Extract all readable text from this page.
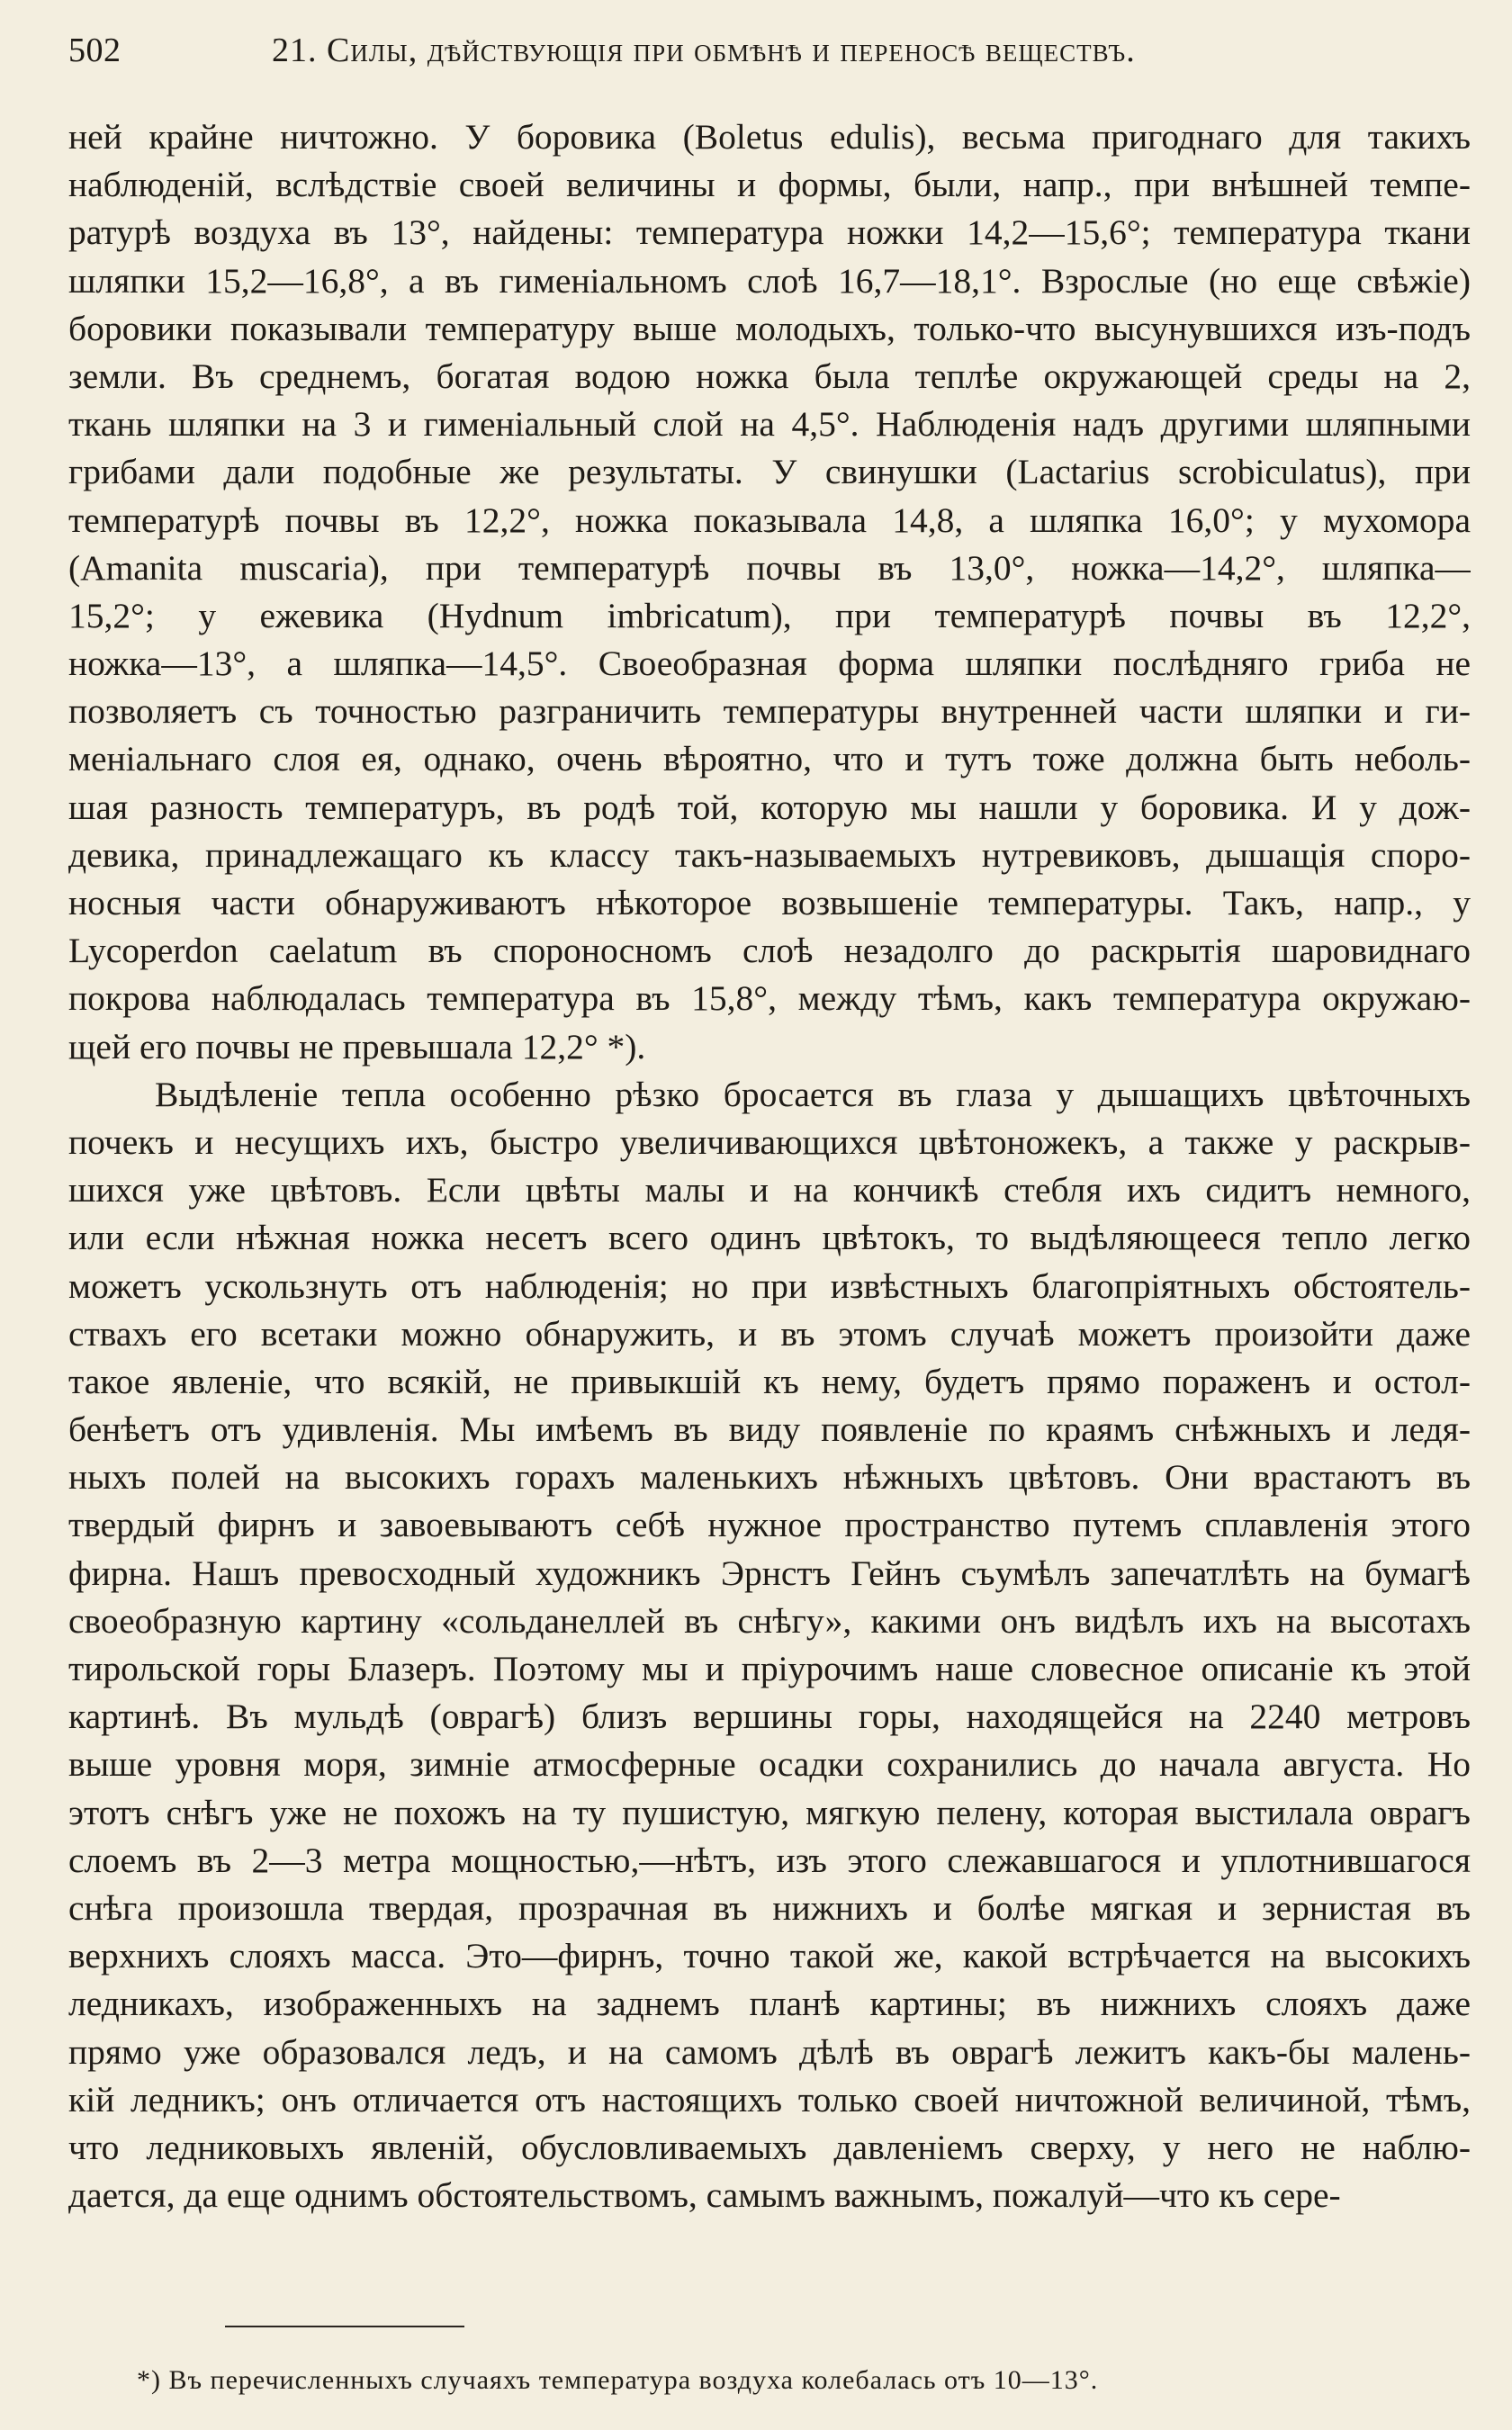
502	21. Силы, дѣйствующія при обмѣнѣ и переносѣ веществъ.

ней крайне ничтожно. У боровика (Boletus edulis), весьма пригоднаго для такихъ
наблюденій, вслѣдствіе своей величины и формы, были, напр., при внѣшней темпе-
ратурѣ воздуха въ 13°, найдены: температура ножки 14,2—15,6°; температура ткани
шляпки 15,2—16,8°, а въ гименіальномъ слоѣ 16,7—18,1°. Взрослые (но еще свѣжіе)
боровики показывали температуру выше молодыхъ, только-что высунувшихся изъ-подъ
земли. Въ среднемъ, богатая водою ножка была теплѣе окружающей среды на 2,
ткань шляпки на 3 и гименіальный слой на 4,5°. Наблюденія надъ другими шляпными
грибами дали подобные же результаты. У свинушки (Lactarius scrobiculatus), при
температурѣ почвы въ 12,2°, ножка показывала 14,8, а шляпка 16,0°; у мухомора
(Amanita muscaria), при температурѣ почвы въ 13,0°, ножка—14,2°, шляпка—
15,2°; у ежевика (Hydnum imbricatum), при температурѣ почвы въ 12,2°,
ножка—13°, а шляпка—14,5°. Своеобразная форма шляпки послѣдняго гриба не
позволяетъ съ точностью разграничить температуры внутренней части шляпки и ги-
меніальнаго слоя ея, однако, очень вѣроятно, что и тутъ тоже должна быть неболь-
шая разность температуръ, въ родѣ той, которую мы нашли у боровика. И у дож-
девика, принадлежащаго къ классу такъ-называемыхъ нутревиковъ, дышащія споро-
носныя части обнаруживаютъ нѣкоторое возвышеніе температуры. Такъ, напр., у
Lycoperdon caelatum въ спороносномъ слоѣ незадолго до раскрытія шаровиднаго
покрова наблюдалась температура въ 15,8°, между тѣмъ, какъ температура окружаю-
щей его почвы не превышала 12,2° *).

Выдѣленіе тепла особенно рѣзко бросается въ глаза у дышащихъ цвѣточныхъ
почекъ и несущихъ ихъ, быстро увеличивающихся цвѣтоножекъ, а также у раскрыв-
шихся уже цвѣтовъ. Если цвѣты малы и на кончикѣ стебля ихъ сидитъ немного,
или если нѣжная ножка несетъ всего одинъ цвѣтокъ, то выдѣляющееся тепло легко
можетъ ускользнуть отъ наблюденія; но при извѣстныхъ благопріятныхъ обстоятель-
ствахъ его всетаки можно обнаружить, и въ этомъ случаѣ можетъ произойти даже
такое явленіе, что всякій, не привыкшій къ нему, будетъ прямо пораженъ и остол-
бенѣетъ отъ удивленія. Мы имѣемъ въ виду появленіе по краямъ снѣжныхъ и ледя-
ныхъ полей на высокихъ горахъ маленькихъ нѣжныхъ цвѣтовъ. Они врастаютъ въ
твердый фирнъ и завоевываютъ себѣ нужное пространство путемъ сплавленія этого
фирна. Нашъ превосходный художникъ Эрнстъ Гейнъ съумѣлъ запечатлѣть на бумагѣ
своеобразную картину «сольданеллей въ снѣгу», какими онъ видѣлъ ихъ на высотахъ
тирольской горы Блазеръ. Поэтому мы и пріурочимъ наше словесное описаніе къ этой
картинѣ. Въ мульдѣ (оврагѣ) близъ вершины горы, находящейся на 2240 метровъ
выше уровня моря, зимніе атмосферные осадки сохранились до начала августа. Но
этотъ снѣгъ уже не похожъ на ту пушистую, мягкую пелену, которая выстилала оврагъ
слоемъ въ 2—3 метра мощностью,—нѣтъ, изъ этого слежавшагося и уплотнившагося
снѣга произошла твердая, прозрачная въ нижнихъ и болѣе мягкая и зернистая въ
верхнихъ слояхъ масса. Это—фирнъ, точно такой же, какой встрѣчается на высокихъ
ледникахъ, изображенныхъ на заднемъ планѣ картины; въ нижнихъ слояхъ даже
прямо уже образовался ледъ, и на самомъ дѣлѣ въ оврагѣ лежитъ какъ-бы малень-
кій ледникъ; онъ отличается отъ настоящихъ только своей ничтожной величиной, тѣмъ,
что ледниковыхъ явленій, обусловливаемыхъ давленіемъ сверху, у него не наблю-
дается, да еще однимъ обстоятельствомъ, самымъ важнымъ, пожалуй—что къ сере-

*) Въ перечисленныхъ случаяхъ температура воздуха колебалась отъ 10—13°.
